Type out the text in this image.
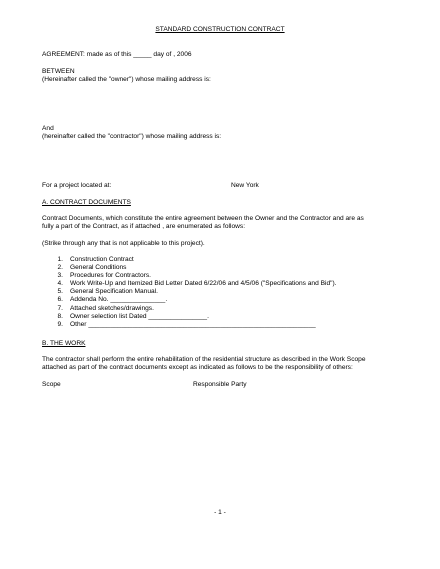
STANDARD CONSTRUCTION CONTRACT
AGREEMENT: made as of this _____ day of , 2006
BETWEEN
(Hereinafter called the "owner") whose mailing address is:
And
(hereinafter called the "contractor") whose mailing address is:
For a project located at:	New York
A. CONTRACT DOCUMENTS
Contract Documents, which constitute the entire agreement between the Owner and the Contractor and are as
fully a part of the Contract, as if attached , are enumerated as follows:
(Strike through any that is not applicable to this project).
1. Construction Contract
2. General Conditions
3. Procedures for Contractors.
4. Work Write-Up and Itemized Bid Letter Dated 6/22/06 and 4/5/06 ("Specifications and Bid").
5. General Specification Manual.
6. Addenda No. _______________.
7. Attached sketches/drawings.
8. Owner selection list Dated ________________.
9. Other ______________________________________________________________
B. THE WORK
The contractor shall perform the entire rehabilitation of the residential structure as described in the Work Scope
attached as part of the contract documents except as indicated as follows to be the responsibility of others:
Scope	Responsible Party
- 1 -
